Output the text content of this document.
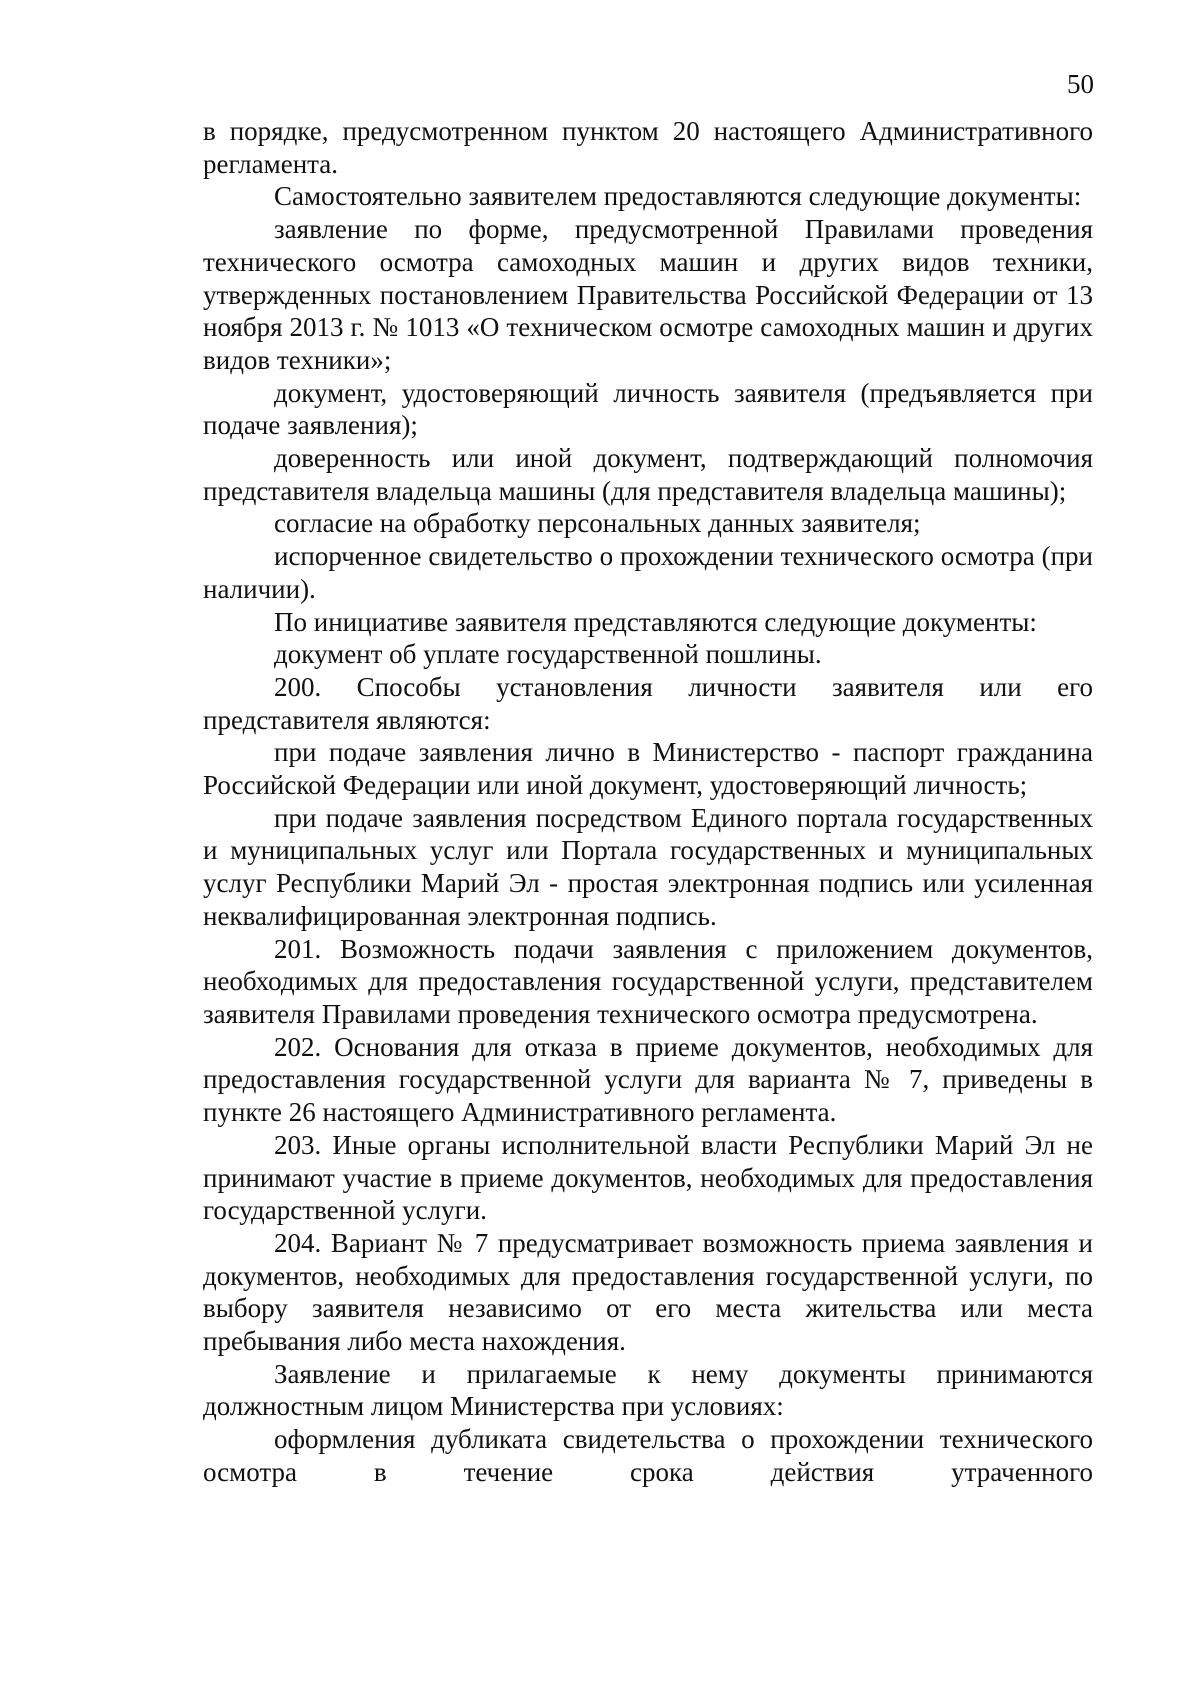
50

в порядке, предусмотренном пунктом 20 настоящего Административного регламента.

Самостоятельно заявителем предоставляются следующие документы:

заявление по форме, предусмотренной Правилами проведения технического осмотра самоходных машин и других видов техники, утвержденных постановлением Правительства Российской Федерации от 13 ноября 2013 г. № 1013 «О техническом осмотре самоходных машин и других видов техники»;

документ, удостоверяющий личность заявителя (предъявляется при подаче заявления);

доверенность или иной документ, подтверждающий полномочия представителя владельца машины (для представителя владельца машины);

согласие на обработку персональных данных заявителя;

испорченное свидетельство о прохождении технического осмотра (при наличии).

По инициативе заявителя представляются следующие документы:

документ об уплате государственной пошлины.

200. Способы установления личности заявителя или его представителя являются:

при подаче заявления лично в Министерство - паспорт гражданина Российской Федерации или иной документ, удостоверяющий личность;

при подаче заявления посредством Единого портала государственных и муниципальных услуг или Портала государственных и муниципальных услуг Республики Марий Эл - простая электронная подпись или усиленная неквалифицированная электронная подпись.

201. Возможность подачи заявления с приложением документов, необходимых для предоставления государственной услуги, представителем заявителя Правилами проведения технического осмотра предусмотрена.

202. Основания для отказа в приеме документов, необходимых для предоставления государственной услуги для варианта № 7, приведены в пункте 26 настоящего Административного регламента.

203. Иные органы исполнительной власти Республики Марий Эл не принимают участие в приеме документов, необходимых для предоставления государственной услуги.

204. Вариант № 7 предусматривает возможность приема заявления и документов, необходимых для предоставления государственной услуги, по выбору заявителя независимо от его места жительства или места пребывания либо места нахождения.

Заявление и прилагаемые к нему документы принимаются должностным лицом Министерства при условиях:

оформления дубликата свидетельства о прохождении технического осмотра в течение срока действия утраченного
